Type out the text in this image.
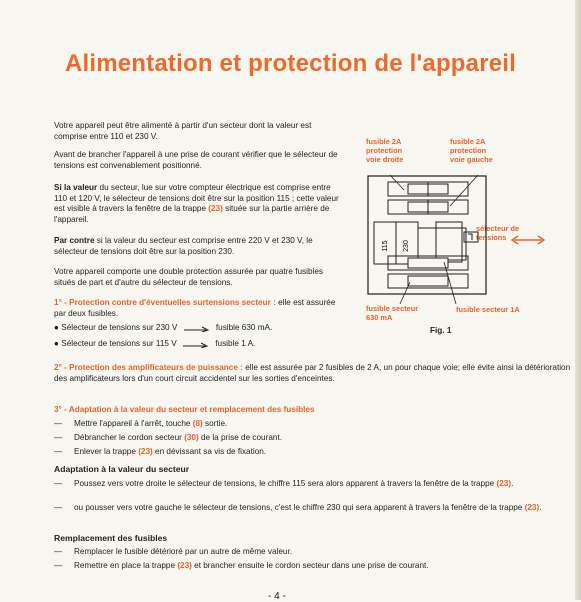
Alimentation et protection de l'appareil
Votre appareil peut être alimenté à partir d'un secteur dont la valeur est comprise entre 110 et 230 V.
Avant de brancher l'appareil à une prise de courant vérifier que le sélecteur de tensions est convenablement positionné.
Si la valeur du secteur, lue sur votre compteur électrique est comprise entre 110 et 120 V, le sélecteur de tensions doit être sur la position 115 ; cette valeur est visible à travers la fenêtre de la trappe (23) située sur la partie arrière de l'appareil.
Par contre si la valeur du secteur est comprise entre 220 V et 230 V, le sélecteur de tensions doit être sur la position 230.
Votre appareil comporte une double protection assurée par quatre fusibles situés de part et d'autre du sélecteur de tensions.
1° - Protection contre d'éventuelles surtensions secteur : elle est assurée par deux fusibles.
● Sélecteur de tensions sur 230 V	fusible 630 mA.
● Sélecteur de tensions sur 115 V	fusible 1 A.
2° - Protection des amplificateurs de puissance : elle est assurée par 2 fusibles de 2 A, un pour chaque voie; elle évite ainsi la détérioration des amplificateurs lors d'un court circuit accidentel sur les sorties d'enceintes.
3° - Adaptation à la valeur du secteur et remplacement des fusibles
— Mettre l'appareil à l'arrêt, touche (8) sortie.
— Débrancher le cordon secteur (30) de la prise de courant.
— Enlever la trappe (23) en dévissant sa vis de fixation.
Adaptation à la valeur du secteur
— Poussez vers votre droite le sélecteur de tensions, le chiffre 115 sera alors apparent à travers la fenêtre de la trappe (23).
— ou pousser vers votre gauche le sélecteur de tensions, c'est le chiffre 230 qui sera apparent à travers la fenêtre de la trappe (23).
Remplacement des fusibles
— Remplacer le fusible détérioré par un autre de même valeur.
— Remettre en place la trappe (23) et brancher ensuite le cordon secteur dans une prise de courant.
fusible 2A
protection
voie droite
fusible 2A
protection
voie gauche
sélecteur de
tensions
fusible secteur
630 mA
fusible secteur 1A
115 230
Fig. 1
- 4 -
